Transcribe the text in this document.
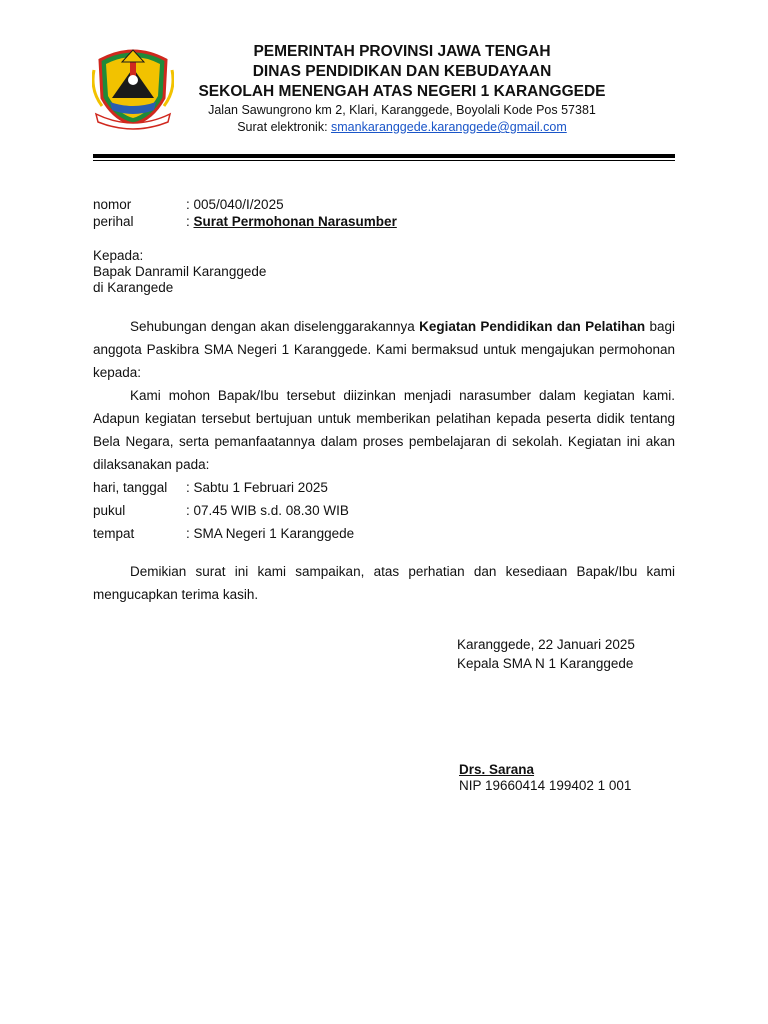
PEMERINTAH PROVINSI JAWA TENGAH
DINAS PENDIDIKAN DAN KEBUDAYAAN
SEKOLAH MENENGAH ATAS NEGERI 1 KARANGGEDE
Jalan Sawungrono km 2, Klari, Karanggede, Boyolali Kode Pos 57381
Surat elektronik: smankaranggede.karanggede@gmail.com
nomor	: 005/040/I/2025
perihal	: Surat Permohonan Narasumber
Kepada:
Bapak Danramil Karanggede
di Karangede

Sehubungan dengan akan diselenggarakannya Kegiatan Pendidikan dan Pelatihan bagi anggota Paskibra SMA Negeri 1 Karanggede. Kami bermaksud untuk mengajukan permohonan kepada:

Kami mohon Bapak/Ibu tersebut diizinkan menjadi narasumber dalam kegiatan kami. Adapun kegiatan tersebut bertujuan untuk memberikan pelatihan kepada peserta didik tentang Bela Negara, serta pemanfaatannya dalam proses pembelajaran di sekolah. Kegiatan ini akan dilaksanakan pada:

hari, tanggal	: Sabtu 1 Februari 2025
pukul	: 07.45 WIB s.d. 08.30 WIB
tempat	: SMA Negeri 1 Karanggede

Demikian surat ini kami sampaikan, atas perhatian dan kesediaan Bapak/Ibu kami mengucapkan terima kasih.

Karanggede, 22 Januari 2025
Kepala SMA N 1 Karanggede
Drs. Sarana
NIP 19660414 199402 1 001
